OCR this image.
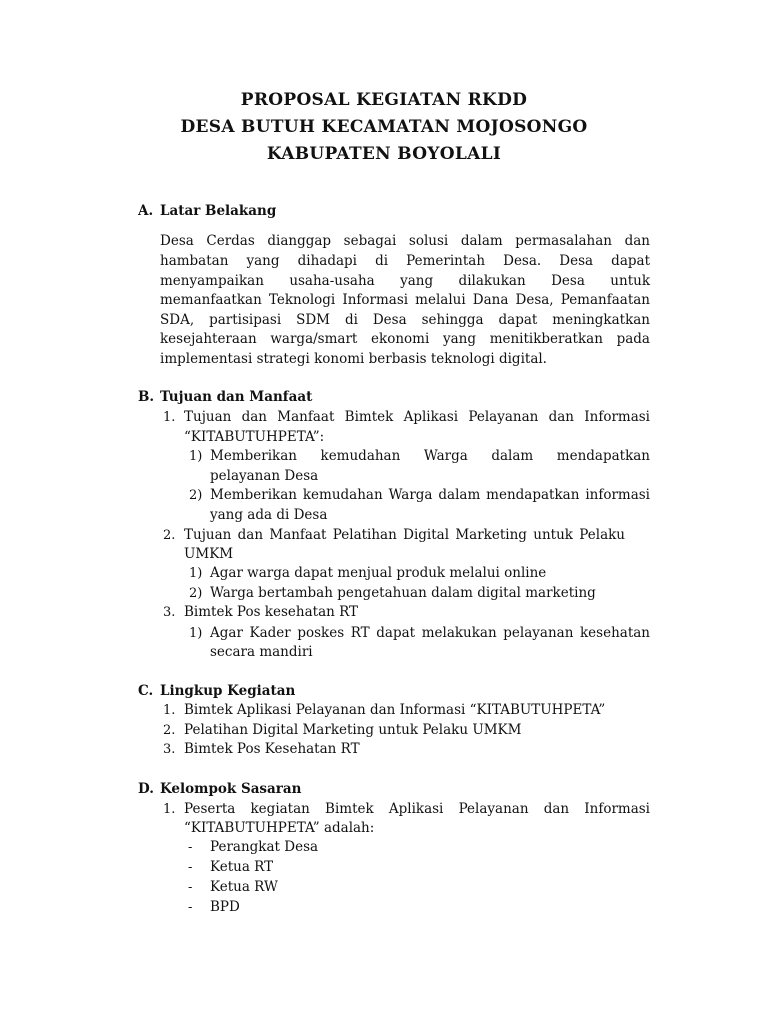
PROPOSAL KEGIATAN RKDD
DESA BUTUH KECAMATAN MOJOSONGO
KABUPATEN BOYOLALI
A. Latar Belakang
Desa Cerdas dianggap sebagai solusi dalam permasalahan dan
hambatan yang dihadapi di Pemerintah Desa. Desa dapat
menyampaikan usaha-usaha yang dilakukan Desa untuk
memanfaatkan Teknologi Informasi melalui Dana Desa, Pemanfaatan
SDA, partisipasi SDM di Desa sehingga dapat meningkatkan
kesejahteraan warga/smart ekonomi yang menitikberatkan pada
implementasi strategi konomi berbasis teknologi digital.
B. Tujuan dan Manfaat
1. Tujuan dan Manfaat Bimtek Aplikasi Pelayanan dan Informasi
“KITABUTUHPETA”:
1) Memberikan kemudahan Warga dalam mendapatkan
pelayanan Desa
2) Memberikan kemudahan Warga dalam mendapatkan informasi
yang ada di Desa
2. Tujuan dan Manfaat Pelatihan Digital Marketing untuk Pelaku
UMKM
1) Agar warga dapat menjual produk melalui online
2) Warga bertambah pengetahuan dalam digital marketing
3. Bimtek Pos kesehatan RT
1) Agar Kader poskes RT dapat melakukan pelayanan kesehatan
secara mandiri
C. Lingkup Kegiatan
1. Bimtek Aplikasi Pelayanan dan Informasi “KITABUTUHPETA”
2. Pelatihan Digital Marketing untuk Pelaku UMKM
3. Bimtek Pos Kesehatan RT
D. Kelompok Sasaran
1. Peserta kegiatan Bimtek Aplikasi Pelayanan dan Informasi
“KITABUTUHPETA” adalah:
- Perangkat Desa
- Ketua RT
- Ketua RW
- BPD
